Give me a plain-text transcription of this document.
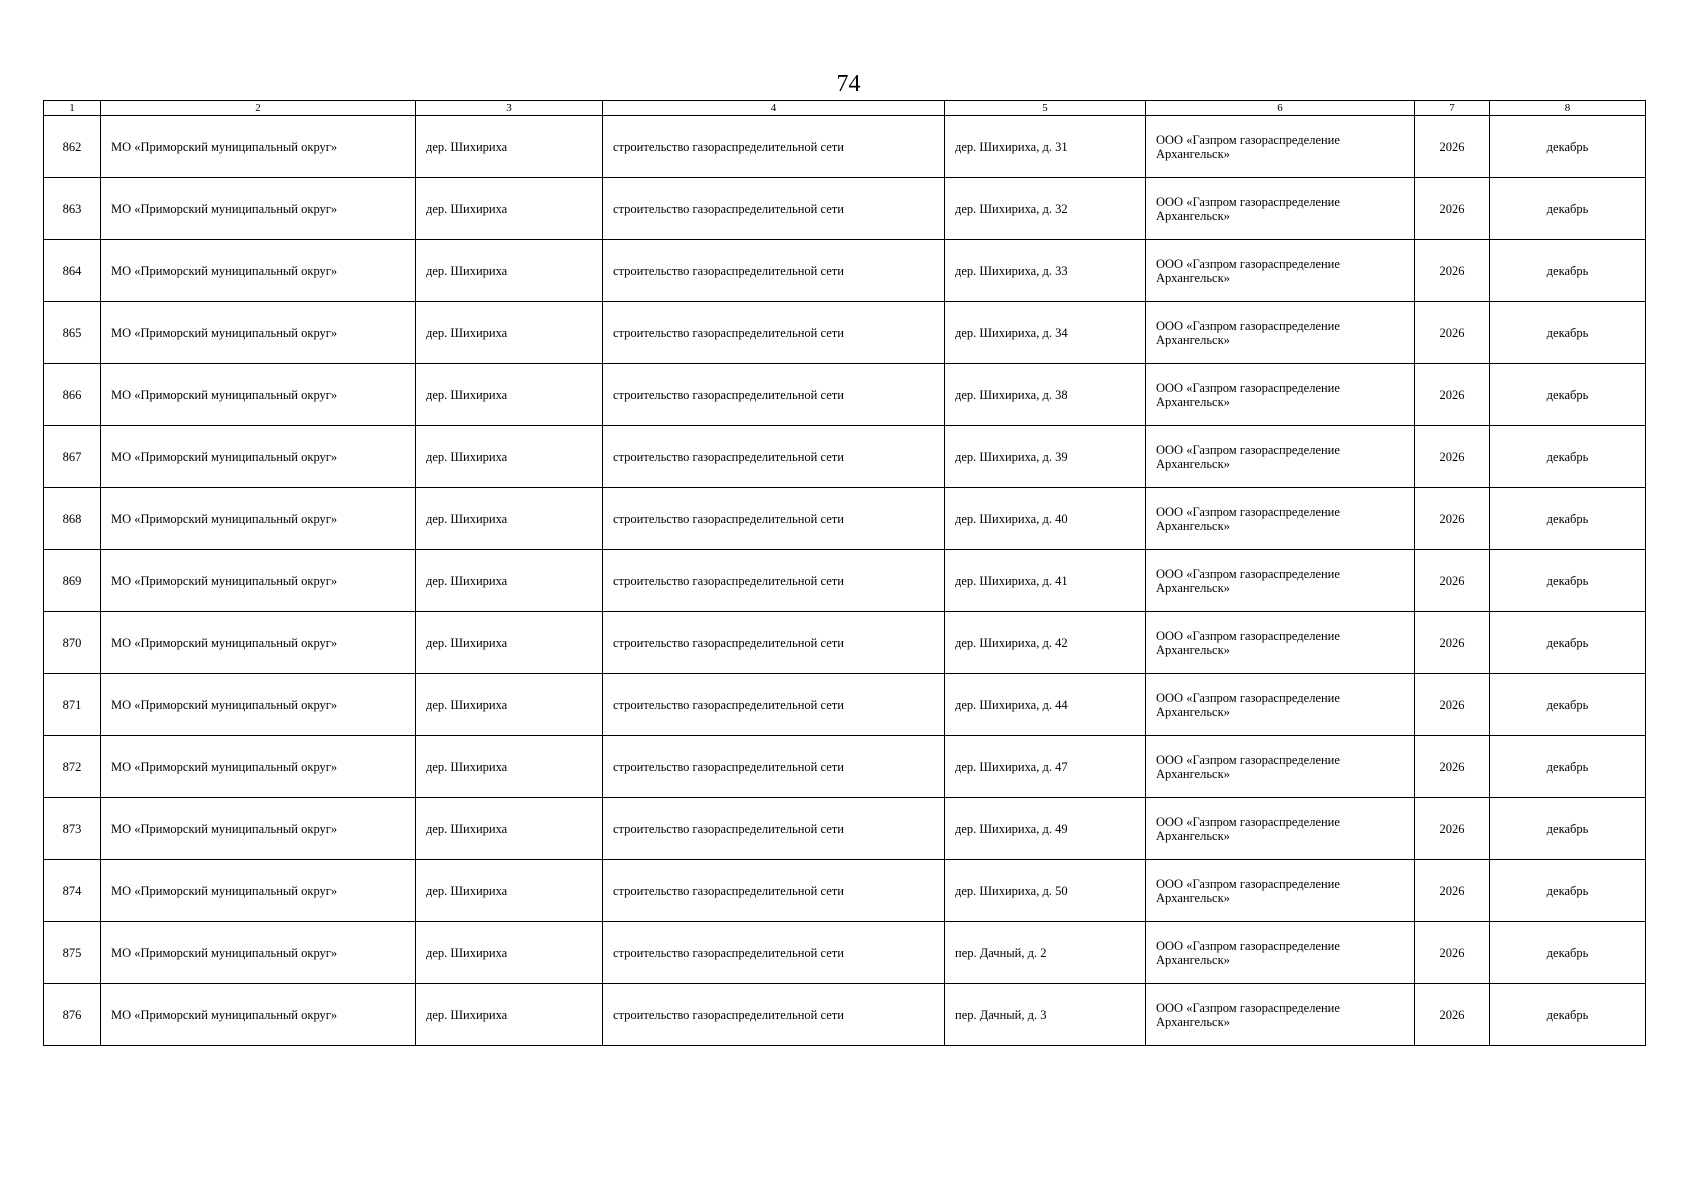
74
1	2	3	4	5	6	7	8
862	МО «Приморский муниципальный округ»	дер. Шихириха	строительство газораспределительной сети	дер. Шихириха, д. 31	ООО «Газпром газораспределение Архангельск»	2026	декабрь
863	МО «Приморский муниципальный округ»	дер. Шихириха	строительство газораспределительной сети	дер. Шихириха, д. 32	ООО «Газпром газораспределение Архангельск»	2026	декабрь
864	МО «Приморский муниципальный округ»	дер. Шихириха	строительство газораспределительной сети	дер. Шихириха, д. 33	ООО «Газпром газораспределение Архангельск»	2026	декабрь
865	МО «Приморский муниципальный округ»	дер. Шихириха	строительство газораспределительной сети	дер. Шихириха, д. 34	ООО «Газпром газораспределение Архангельск»	2026	декабрь
866	МО «Приморский муниципальный округ»	дер. Шихириха	строительство газораспределительной сети	дер. Шихириха, д. 38	ООО «Газпром газораспределение Архангельск»	2026	декабрь
867	МО «Приморский муниципальный округ»	дер. Шихириха	строительство газораспределительной сети	дер. Шихириха, д. 39	ООО «Газпром газораспределение Архангельск»	2026	декабрь
868	МО «Приморский муниципальный округ»	дер. Шихириха	строительство газораспределительной сети	дер. Шихириха, д. 40	ООО «Газпром газораспределение Архангельск»	2026	декабрь
869	МО «Приморский муниципальный округ»	дер. Шихириха	строительство газораспределительной сети	дер. Шихириха, д. 41	ООО «Газпром газораспределение Архангельск»	2026	декабрь
870	МО «Приморский муниципальный округ»	дер. Шихириха	строительство газораспределительной сети	дер. Шихириха, д. 42	ООО «Газпром газораспределение Архангельск»	2026	декабрь
871	МО «Приморский муниципальный округ»	дер. Шихириха	строительство газораспределительной сети	дер. Шихириха, д. 44	ООО «Газпром газораспределение Архангельск»	2026	декабрь
872	МО «Приморский муниципальный округ»	дер. Шихириха	строительство газораспределительной сети	дер. Шихириха, д. 47	ООО «Газпром газораспределение Архангельск»	2026	декабрь
873	МО «Приморский муниципальный округ»	дер. Шихириха	строительство газораспределительной сети	дер. Шихириха, д. 49	ООО «Газпром газораспределение Архангельск»	2026	декабрь
874	МО «Приморский муниципальный округ»	дер. Шихириха	строительство газораспределительной сети	дер. Шихириха, д. 50	ООО «Газпром газораспределение Архангельск»	2026	декабрь
875	МО «Приморский муниципальный округ»	дер. Шихириха	строительство газораспределительной сети	пер. Дачный, д. 2	ООО «Газпром газораспределение Архангельск»	2026	декабрь
876	МО «Приморский муниципальный округ»	дер. Шихириха	строительство газораспределительной сети	пер. Дачный, д. 3	ООО «Газпром газораспределение Архангельск»	2026	декабрь
